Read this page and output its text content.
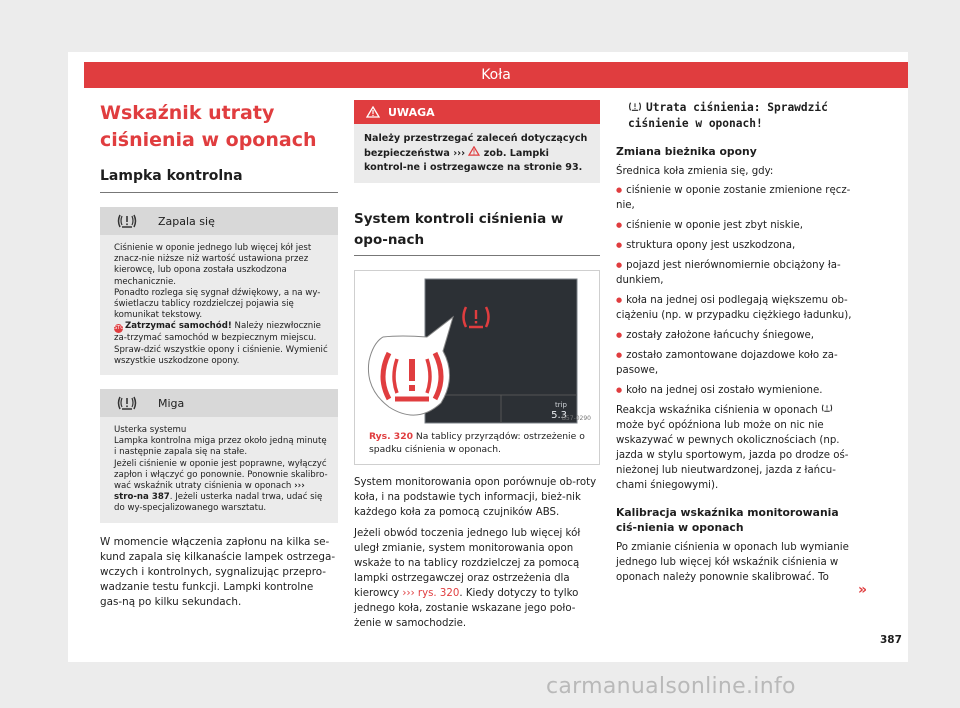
Koła
Wskaźnik utraty ciśnienia w oponach
Lampka kontrolna
Zapala się

Ciśnienie w oponie jednego lub więcej kół jest znacz-nie niższe niż wartość ustawiona przez kierowcę, lub opona została uszkodzona mechanicznie.

Ponadto rozlega się sygnał dźwiękowy, a na wy-świetlaczu tablicy rozdzielczej pojawia się komunikat tekstowy.

STOPZatrzymać samochód! Należy niezwłocznie za-trzymać samochód w bezpiecznym miejscu. Spraw-dzić wszystkie opony i ciśnienie. Wymienić wszystkie uszkodzone opony.

Miga

Usterka systemu

Lampka kontrolna miga przez około jedną minutę i następnie zapala się na stałe.

Jeżeli ciśnienie w oponie jest poprawne, wyłączyć zapłon i włączyć go ponownie. Ponownie skalibro-wać wskaźnik utraty ciśnienia w oponach ››› stro-na 387. Jeżeli usterka nadal trwa, udać się do wy-specjalizowanego warsztatu.

W momencie włączenia zapłonu na kilka se-kund zapala się kilkanaście lampek ostrzega-wczych i kontrolnych, sygnalizując przepro-wadzanie testu funkcji. Lampki kontrolne gas-ną po kilku sekundach.

UWAGA
Należy przestrzegać zaleceń dotyczących bezpieczeństwa ›››  zob. Lampki kontrol-ne i ostrzegawcze na stronie 93.
System kontroli ciśnienia w opo-nach
trip
5.3
B57-0290
Rys. 320 Na tablicy przyrządów: ostrzeżenie o spadku ciśnienia w oponach.

System monitorowania opon porównuje ob-roty koła, i na podstawie tych informacji, bież-nik każdego koła za pomocą czujników ABS.

Jeżeli obwód toczenia jednego lub więcej kół uległ zmianie, system monitorowania opon wskaże to na tablicy rozdzielczej za pomocą lampki ostrzegawczej oraz ostrzeżenia dla kierowcy ››› rys. 320. Kiedy dotyczy to tylko jednego koła, zostanie wskazane jego poło-żenie w samochodzie.

Utrata ciśnienia: Sprawdzić
ciśnienie w oponach!
Zmiana bieżnika opony

Średnica koła zmienia się, gdy:

● ciśnienie w oponie zostanie zmienione ręcz-nie,
● ciśnienie w oponie jest zbyt niskie,
● struktura opony jest uszkodzona,
● pojazd jest nierównomiernie obciążony ła-dunkiem,
● koła na jednej osi podlegają większemu ob-ciążeniu (np. w przypadku ciężkiego ładunku),
● zostały założone łańcuchy śniegowe,
● zostało zamontowane dojazdowe koło za-pasowe,
● koło na jednej osi zostało wymienione.

Reakcja wskaźnika ciśnienia w oponach  może być opóźniona lub może on nic nie wskazywać w pewnych okolicznościach (np. jazda w stylu sportowym, jazda po drodze oś-nieżonej lub nieutwardzonej, jazda z łańcu-chami śniegowymi).

Kalibracja wskaźnika monitorowania ciś-nienia w oponach

Po zmianie ciśnienia w oponach lub wymianie jednego lub więcej kół wskaźnik ciśnienia w oponach należy ponownie skalibrować. To

»
387
carmanualsonline.info
